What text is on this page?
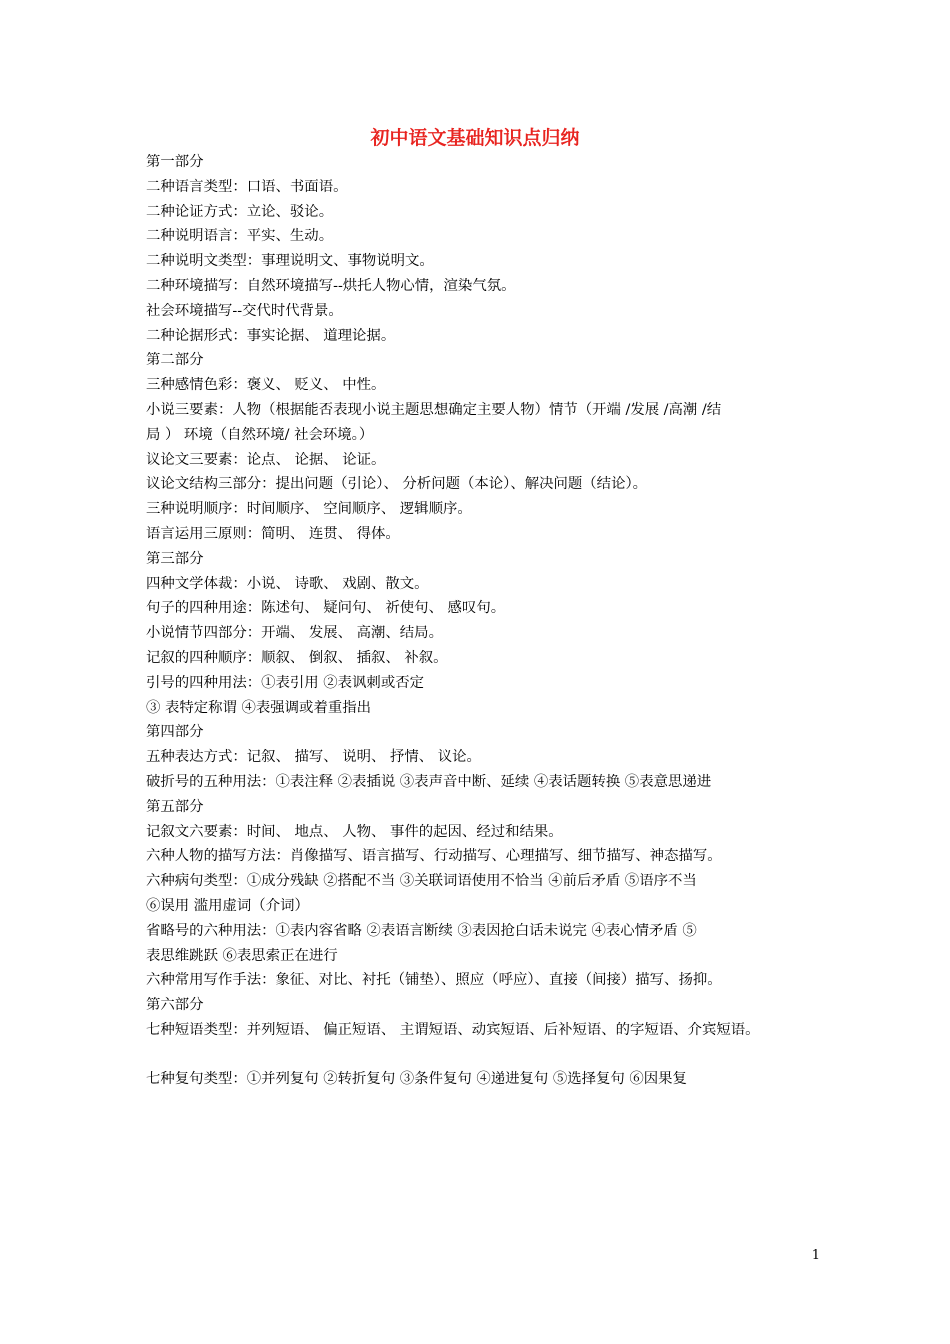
初中语文基础知识点归纳
第一部分
二种语言类型：口语、书面语。
二种论证方式：立论、驳论。
二种说明语言：平实、生动。
二种说明文类型：事理说明文、事物说明文。
二种环境描写：自然环境描写--烘托人物心情，渲染气氛。
社会环境描写--交代时代背景。
二种论据形式：事实论据、 道理论据。
第二部分
三种感情色彩：褒义、 贬义、 中性。
小说三要素：人物（根据能否表现小说主题思想确定主要人物）情节（开端 /发展 /高潮 /结
局 ） 环境（自然环境/ 社会环境。）
议论文三要素：论点、 论据、 论证。
议论文结构三部分：提出问题（引论）、 分析问题（本论）、解决问题（结论）。
三种说明顺序：时间顺序、 空间顺序、 逻辑顺序。
语言运用三原则：简明、 连贯、 得体。
第三部分
四种文学体裁：小说、 诗歌、 戏剧、散文。
句子的四种用途：陈述句、 疑问句、 祈使句、 感叹句。
小说情节四部分：开端、 发展、 高潮、结局。
记叙的四种顺序：顺叙、 倒叙、 插叙、 补叙。
引号的四种用法：①表引用 ②表讽刺或否定
③ 表特定称谓 ④表强调或着重指出
第四部分
五种表达方式：记叙、 描写、 说明、 抒情、 议论。
破折号的五种用法：①表注释 ②表插说 ③表声音中断、延续 ④表话题转换 ⑤表意思递进
第五部分
记叙文六要素：时间、 地点、 人物、 事件的起因、经过和结果。
六种人物的描写方法：肖像描写、语言描写、行动描写、心理描写、细节描写、神态描写。
六种病句类型：①成分残缺 ②搭配不当 ③关联词语使用不恰当 ④前后矛盾 ⑤语序不当
⑥误用 滥用虚词（介词）
省略号的六种用法：①表内容省略 ②表语言断续 ③表因抢白话未说完 ④表心情矛盾 ⑤
表思维跳跃 ⑥表思索正在进行
六种常用写作手法：象征、对比、衬托（铺垫）、照应（呼应）、直接（间接）描写、扬抑。
第六部分
七种短语类型：并列短语、 偏正短语、 主谓短语、动宾短语、后补短语、的字短语、介宾短语。
七种复句类型：①并列复句 ②转折复句 ③条件复句 ④递进复句 ⑤选择复句 ⑥因果复
1
